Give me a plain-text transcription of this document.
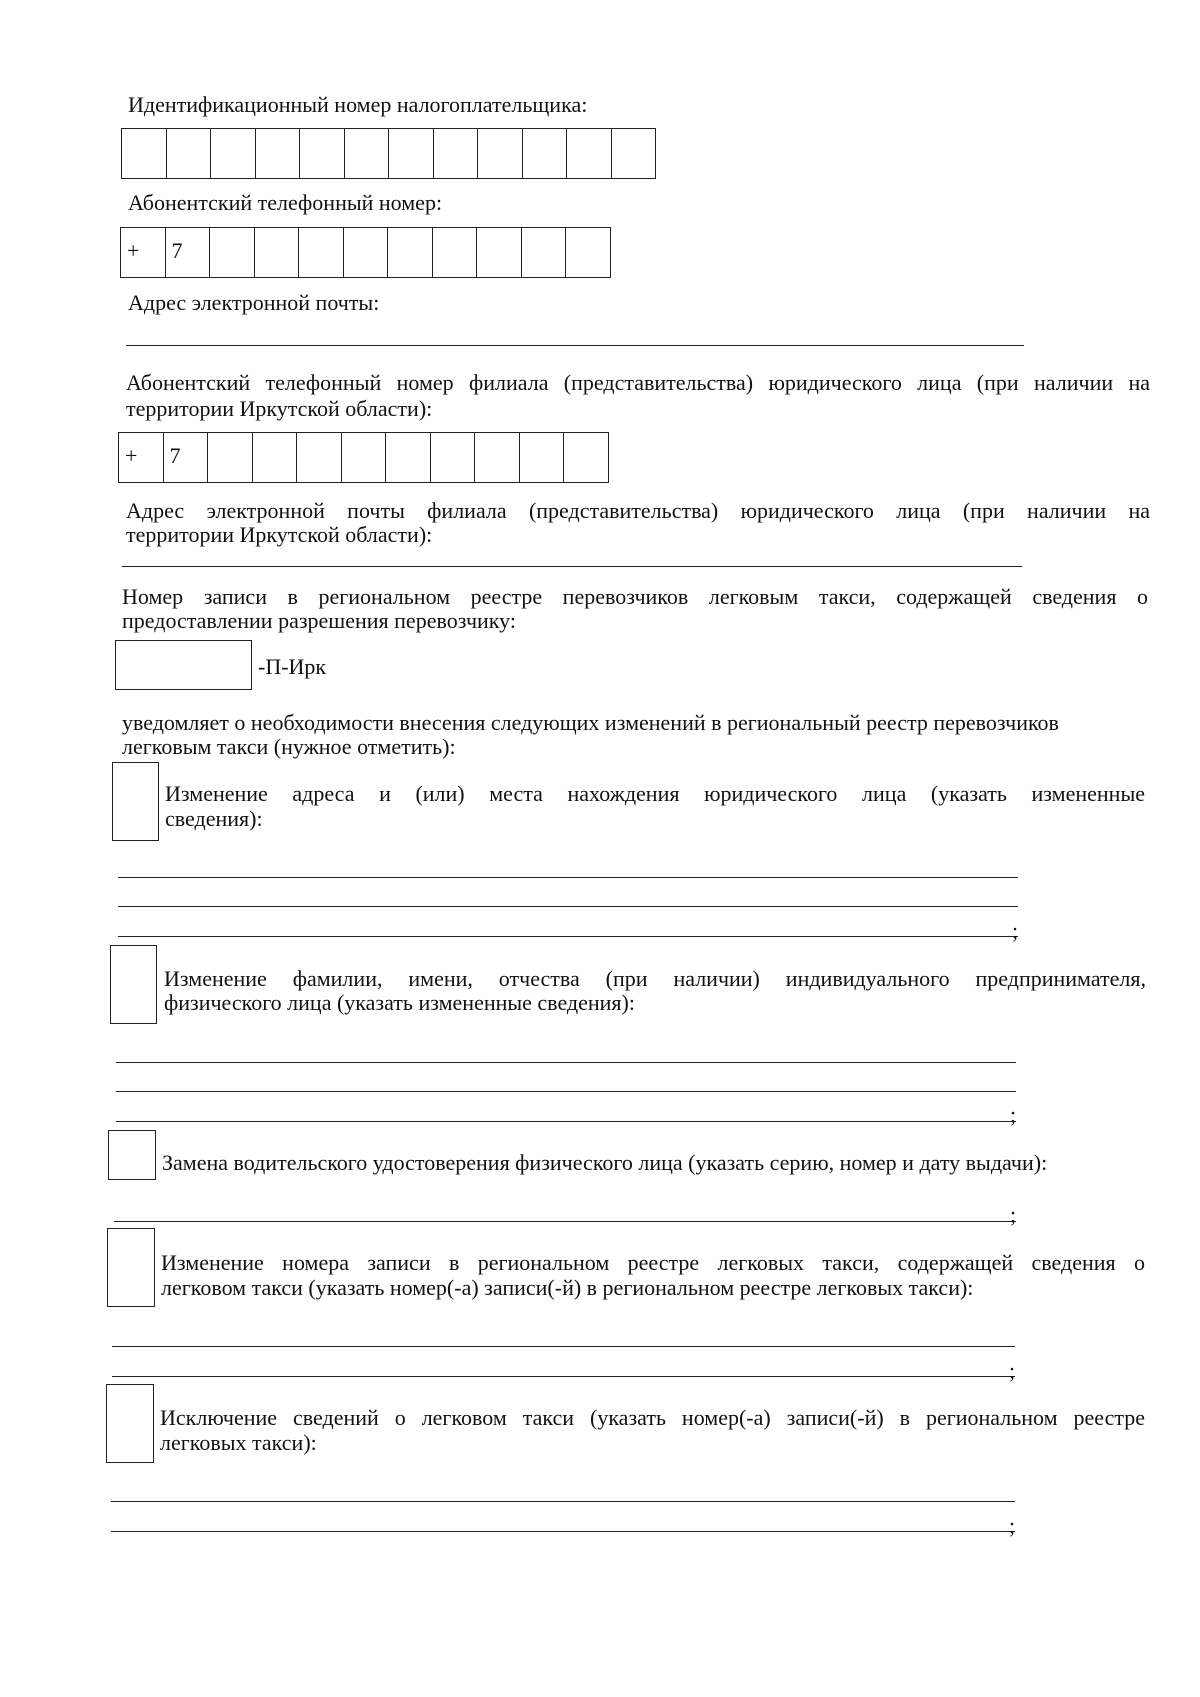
Идентификационный номер налогоплательщика:

Абонентский телефонный номер:

+	7

Адрес электронной почты:

Абонентский телефонный номер филиала (представительства) юридического лица (при наличии на

территории Иркутской области):

+	7

Адрес электронной почты филиала (представительства) юридического лица (при наличии на

территории Иркутской области):

Номер записи в региональном реестре перевозчиков легковым такси, содержащей сведения о

предоставлении разрешения перевозчику:

-П-Ирк

уведомляет о необходимости внесения следующих изменений в региональный реестр перевозчиков

легковым такси (нужное отметить):

Изменение адреса и (или) места нахождения юридического лица (указать измененные

сведения):

;

Изменение фамилии, имени, отчества (при наличии) индивидуального предпринимателя,

физического лица (указать измененные сведения):

;

Замена водительского удостоверения физического лица (указать серию, номер и дату выдачи):

;

Изменение номера записи в региональном реестре легковых такси, содержащей сведения о

легковом такси (указать номер(-а) записи(-й) в региональном реестре легковых такси):

;

Исключение сведений о легковом такси (указать номер(-а) записи(-й) в региональном реестре

легковых такси):

;
